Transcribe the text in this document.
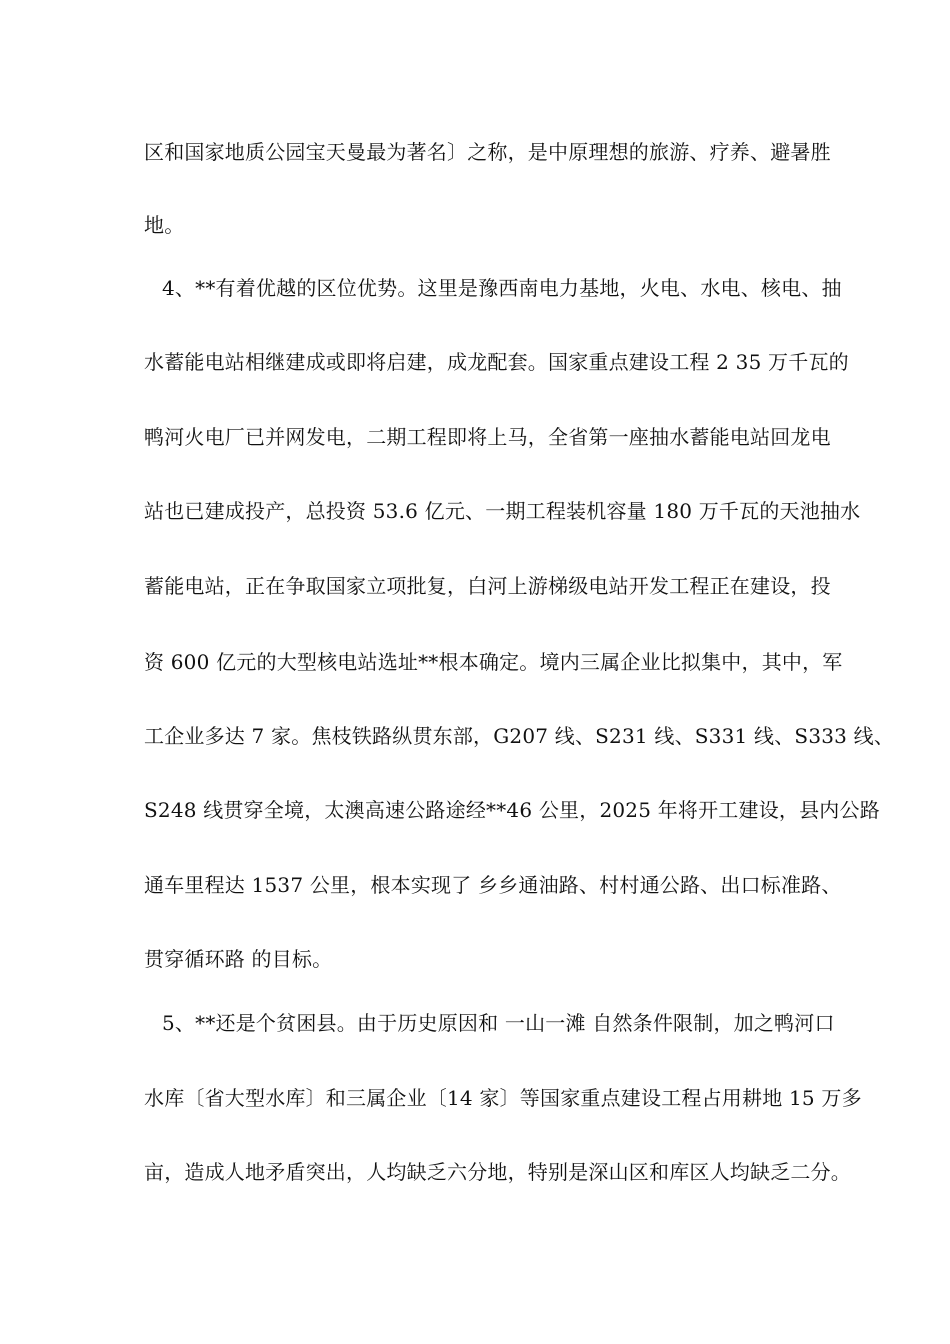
区和国家地质公园宝天曼最为著名〕之称，是中原理想的旅游、疗养、避暑胜
地。
4、**有着优越的区位优势。这里是豫西南电力基地，火电、水电、核电、抽
水蓄能电站相继建成或即将启建，成龙配套。国家重点建设工程 2 35 万千瓦的
鸭河火电厂已并网发电，二期工程即将上马，全省第一座抽水蓄能电站回龙电
站也已建成投产，总投资 53.6 亿元、一期工程装机容量 180 万千瓦的天池抽水
蓄能电站，正在争取国家立项批复，白河上游梯级电站开发工程正在建设，投
资 600 亿元的大型核电站选址**根本确定。境内三属企业比拟集中，其中，军
工企业多达 7 家。焦枝铁路纵贯东部，G207 线、S231 线、S331 线、S333 线、
S248 线贯穿全境，太澳高速公路途经**46 公里，2025 年将开工建设，县内公路
通车里程达 1537 公里，根本实现了 乡乡通油路、村村通公路、出口标准路、
贯穿循环路 的目标。
5、**还是个贫困县。由于历史原因和 一山一滩 自然条件限制，加之鸭河口
水库〔省大型水库〕和三属企业〔14 家〕等国家重点建设工程占用耕地 15 万多
亩，造成人地矛盾突出，人均缺乏六分地，特别是深山区和库区人均缺乏二分。
